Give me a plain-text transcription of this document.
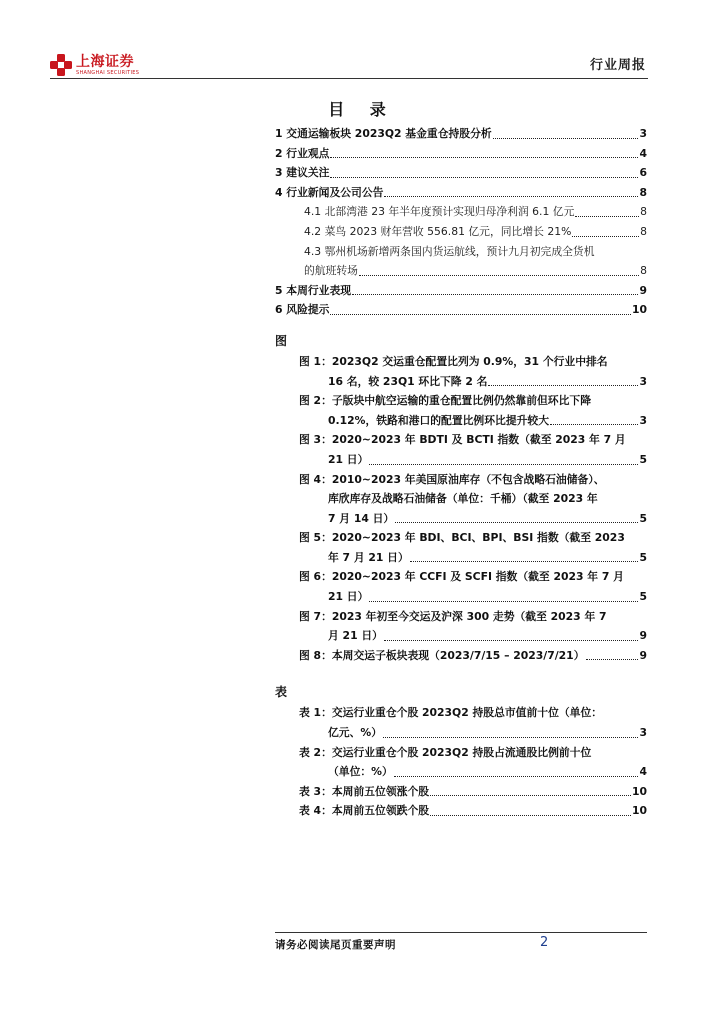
上海证券
SHANGHAI SECURITIES	行业周报
目 录
1 交通运输板块 2023Q2 基金重仓持股分析	3
2 行业观点	4
3 建议关注	6
4 行业新闻及公司公告	8
4.1 北部湾港 23 年半年度预计实现归母净利润 6.1 亿元	8
4.2 菜鸟 2023 财年营收 556.81 亿元，同比增长 21%	8
4.3 鄂州机场新增两条国内货运航线，预计九月初完成全货机
的航班转场	8
5 本周行业表现	9
6 风险提示	10
图
图 1：2023Q2 交运重仓配置比列为 0.9%，31 个行业中排名
16 名，较 23Q1 环比下降 2 名	3
图 2：子版块中航空运输的重仓配置比例仍然靠前但环比下降
0.12%，铁路和港口的配置比例环比提升较大	3
图 3：2020~2023 年 BDTI 及 BCTI 指数（截至 2023 年 7 月
21 日）	5
图 4：2010~2023 年美国原油库存（不包含战略石油储备）、
库欣库存及战略石油储备（单位：千桶）（截至 2023 年
7 月 14 日）	5
图 5：2020~2023 年 BDI、BCI、BPI、BSI 指数（截至 2023
年 7 月 21 日）	5
图 6：2020~2023 年 CCFI 及 SCFI 指数（截至 2023 年 7 月
21 日）	5
图 7：2023 年初至今交运及沪深 300 走势（截至 2023 年 7
月 21 日）	9
图 8：本周交运子板块表现（2023/7/15 – 2023/7/21）	9
表
表 1：交运行业重仓个股 2023Q2 持股总市值前十位（单位：
亿元、%）	3
表 2：交运行业重仓个股 2023Q2 持股占流通股比例前十位
（单位：%）	4
表 3：本周前五位领涨个股	10
表 4：本周前五位领跌个股	10
请务必阅读尾页重要声明	2
